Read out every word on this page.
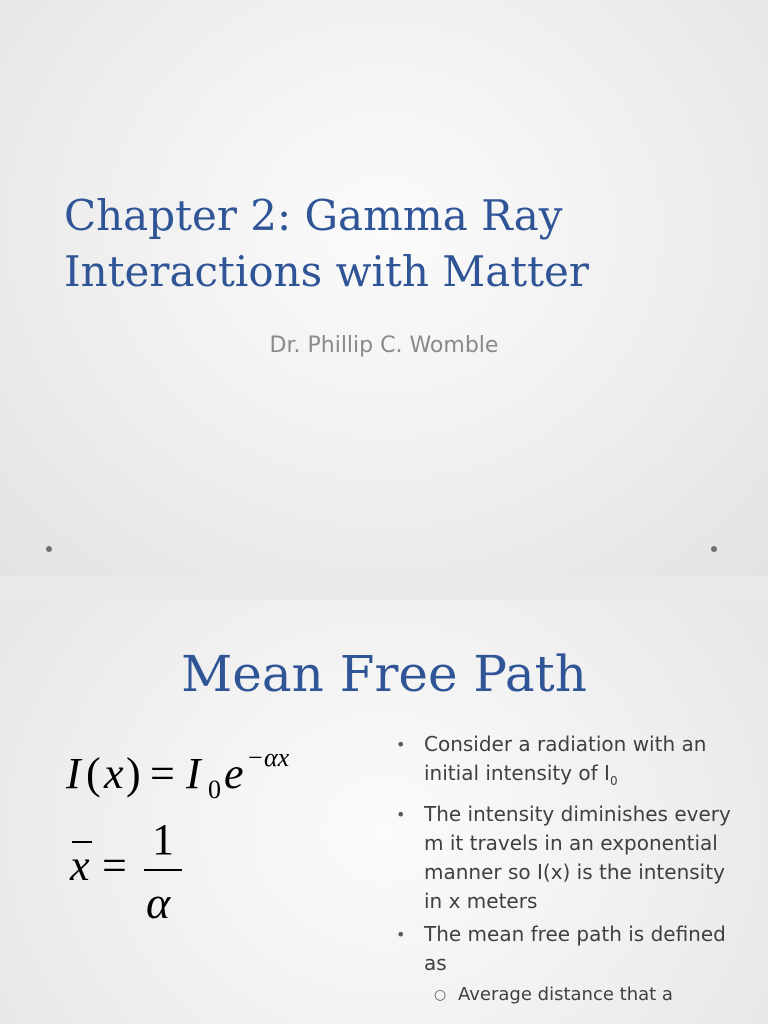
Chapter 2: Gamma Ray
Interactions with Matter
Dr. Phillip C. Womble
Mean Free Path
I ( x ) = I 0 e − αx
x =
1
α
• Consider a radiation with an initial intensity of $I_0$
• The intensity diminishes every m it travels in an exponential manner so I(x) is the intensity in x meters
• The mean free path is defined as
○ Average distance that a
